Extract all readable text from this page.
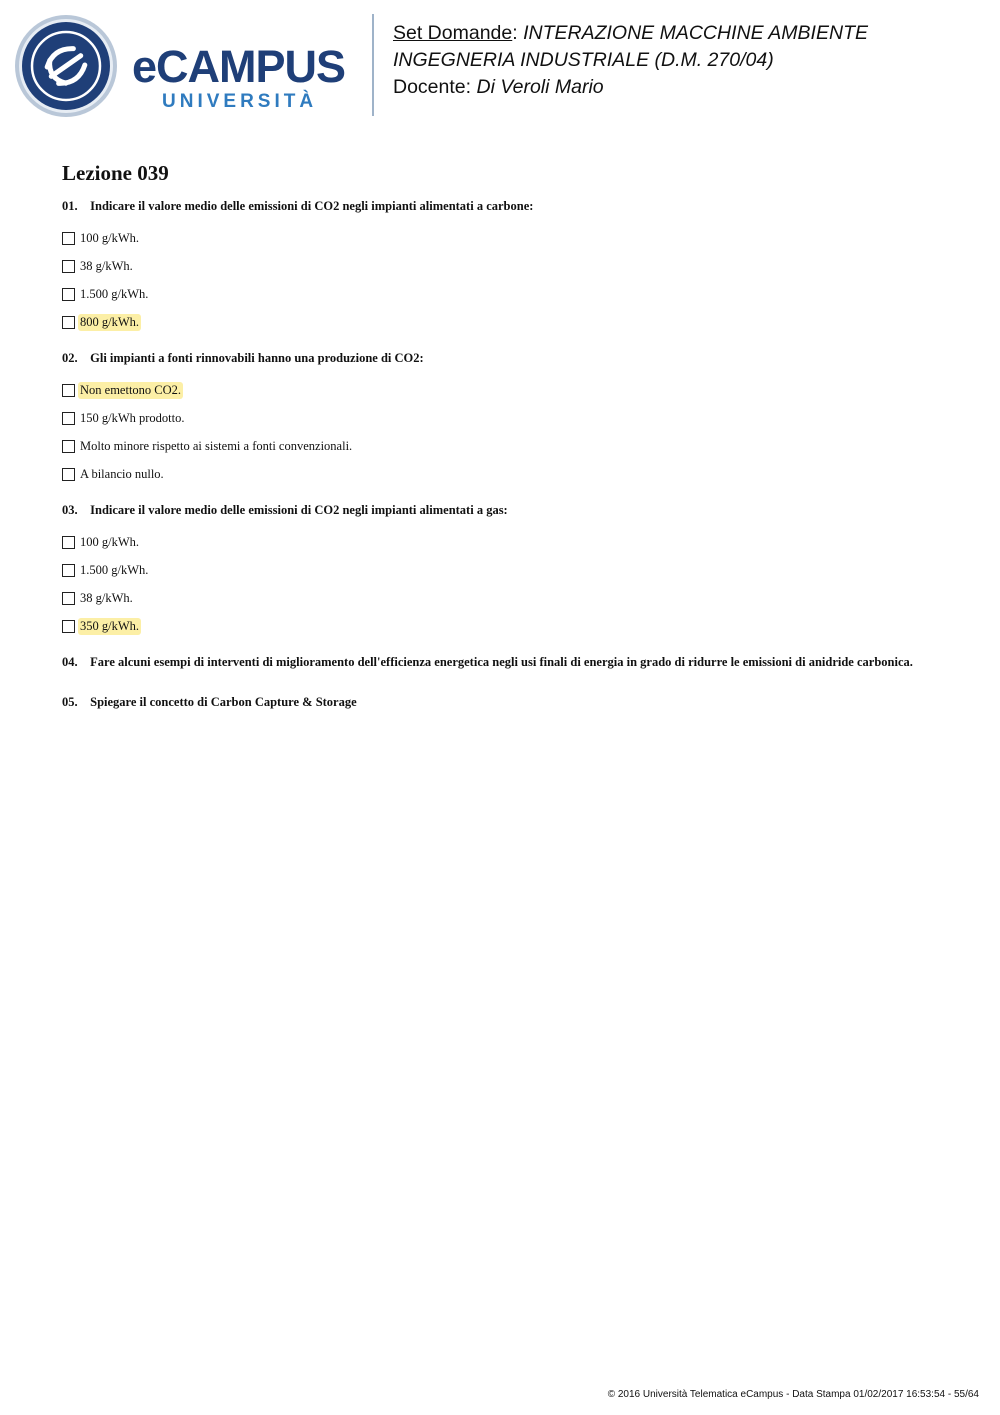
eCAMPUS
UNIVERSITÀ
Set Domande: INTERAZIONE MACCHINE AMBIENTE
INGEGNERIA INDUSTRIALE (D.M. 270/04)
Docente: Di Veroli Mario
Lezione 039
01. Indicare il valore medio delle emissioni di CO2 negli impianti alimentati a carbone:
100 g/kWh.
38 g/kWh.
1.500 g/kWh.
800 g/kWh.
02. Gli impianti a fonti rinnovabili hanno una produzione di CO2:
Non emettono CO2.
150 g/kWh prodotto.
Molto minore rispetto ai sistemi a fonti convenzionali.
A bilancio nullo.
03. Indicare il valore medio delle emissioni di CO2 negli impianti alimentati a gas:
100 g/kWh.
1.500 g/kWh.
38 g/kWh.
350 g/kWh.
04. Fare alcuni esempi di interventi di miglioramento dell'efficienza energetica negli usi finali di energia in grado di ridurre le emissioni di anidride carbonica.
05. Spiegare il concetto di Carbon Capture & Storage
© 2016 Università Telematica eCampus - Data Stampa 01/02/2017 16:53:54 - 55/64
